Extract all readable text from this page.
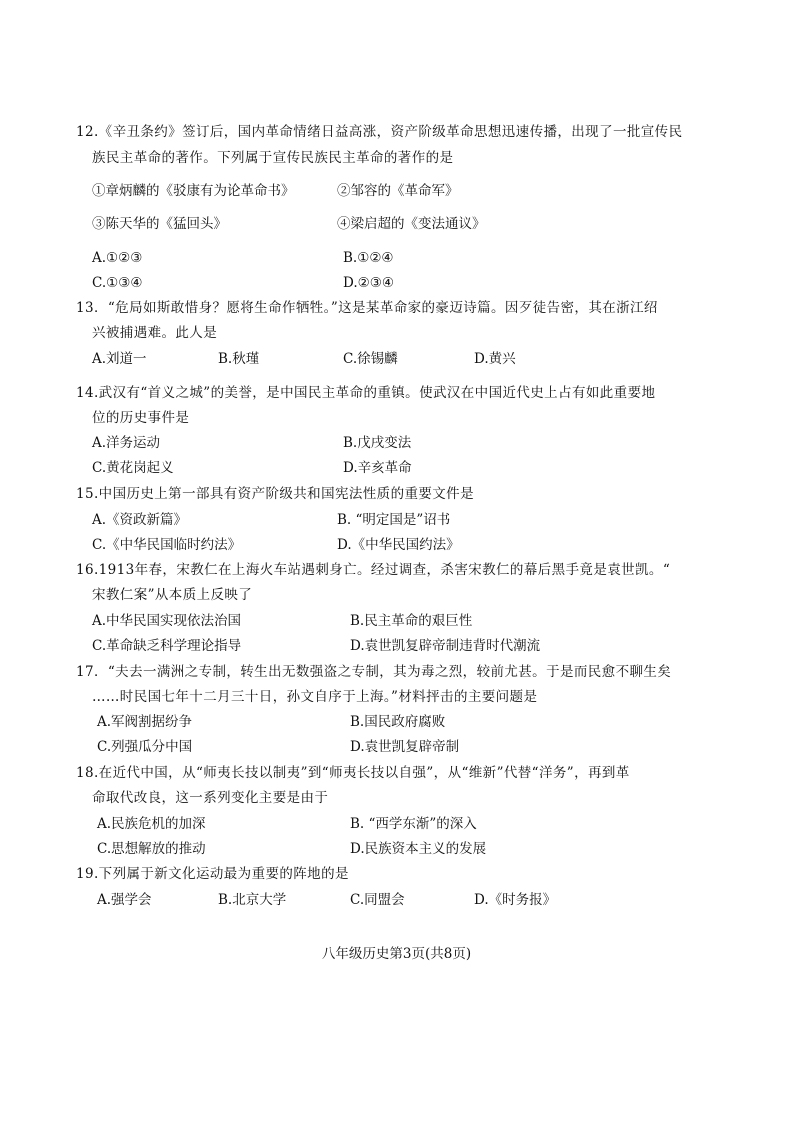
12.《辛丑条约》签订后，国内革命情绪日益高涨，资产阶级革命思想迅速传播，出现了一批宣传民
族民主革命的著作。下列属于宣传民族民主革命的著作的是
①章炳麟的《驳康有为论革命书》	②邹容的《革命军》
③陈天华的《猛回头》	④梁启超的《变法通议》
A.①②③	B.①②④
C.①③④	D.②③④
13．“危局如斯敢惜身？愿将生命作牺牲。”这是某革命家的豪迈诗篇。因歹徒告密，其在浙江绍
兴被捕遇难。此人是
A.刘道一	B.秋瑾	C.徐锡麟	D.黄兴
14.武汉有“首义之城”的美誉，是中国民主革命的重镇。使武汉在中国近代史上占有如此重要地
位的历史事件是
A.洋务运动	B.戊戌变法
C.黄花岗起义	D.辛亥革命
15.中国历史上第一部具有资产阶级共和国宪法性质的重要文件是
A.《资政新篇》	B. “明定国是”诏书
C.《中华民国临时约法》	D.《中华民国约法》
16.1913年春，宋教仁在上海火车站遇刺身亡。经过调查，杀害宋教仁的幕后黑手竟是袁世凯。“
宋教仁案”从本质上反映了
A.中华民国实现依法治国	B.民主革命的艰巨性
C.革命缺乏科学理论指导	D.袁世凯复辟帝制违背时代潮流
17．“夫去一满洲之专制，转生出无数强盗之专制，其为毒之烈，较前尤甚。于是而民愈不聊生矣
……时民国七年十二月三十日，孙文自序于上海。”材料抨击的主要问题是
A.军阀割据纷争	B.国民政府腐败
C.列强瓜分中国	D.袁世凯复辟帝制
18.在近代中国，从“师夷长技以制夷”到“师夷长技以自强”，从“维新”代替“洋务”，再到革
命取代改良，这一系列变化主要是由于
A.民族危机的加深	B. “西学东渐”的深入
C.思想解放的推动	D.民族资本主义的发展
19.下列属于新文化运动最为重要的阵地的是
A.强学会	B.北京大学	C.同盟会	D.《时务报》
八年级历史第3页(共8页)
